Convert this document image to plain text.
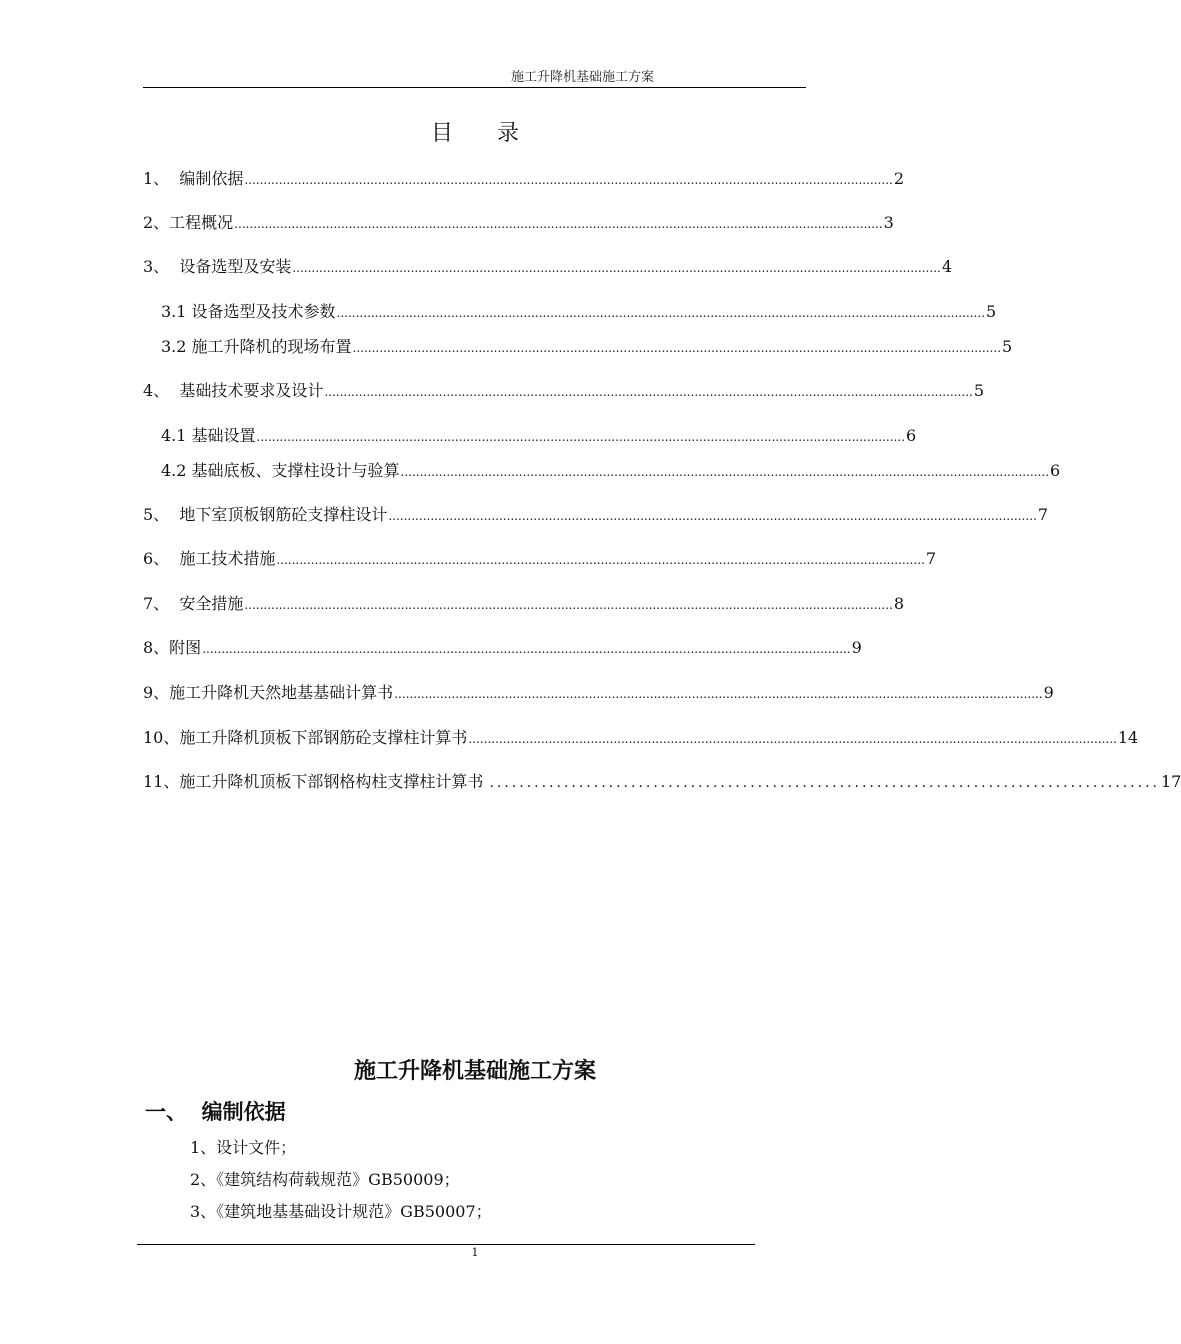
施工升降机基础施工方案
目录
1、  编制依据 .......................................................................................................................................................................... 2
2、工程概况 .......................................................................................................................................................................... 3
3、  设备选型及安装 .......................................................................................................................................................................... 4
3.1 设备选型及技术参数 .......................................................................................................................................................................... 5
3.2 施工升降机的现场布置 .......................................................................................................................................................................... 5
4、  基础技术要求及设计 .......................................................................................................................................................................... 5
4.1 基础设置 .......................................................................................................................................................................... 6
4.2 基础底板、支撑柱设计与验算 .......................................................................................................................................................................... 6
5、  地下室顶板钢筋砼支撑柱设计 .......................................................................................................................................................................... 7
6、  施工技术措施 .......................................................................................................................................................................... 7
7、  安全措施 .......................................................................................................................................................................... 8
8、附图 .......................................................................................................................................................................... 9
9、施工升降机天然地基基础计算书 .......................................................................................................................................................................... 9
10、施工升降机顶板下部钢筋砼支撑柱计算书 .......................................................................................................................................................................... 14
11、施工升降机顶板下部钢格构柱支撑柱计算书 .......................................................................................... 17
施工升降机基础施工方案
一、  编制依据
1、设计文件；
2、《建筑结构荷载规范》GB50009；
3、《建筑地基基础设计规范》GB50007；
1
